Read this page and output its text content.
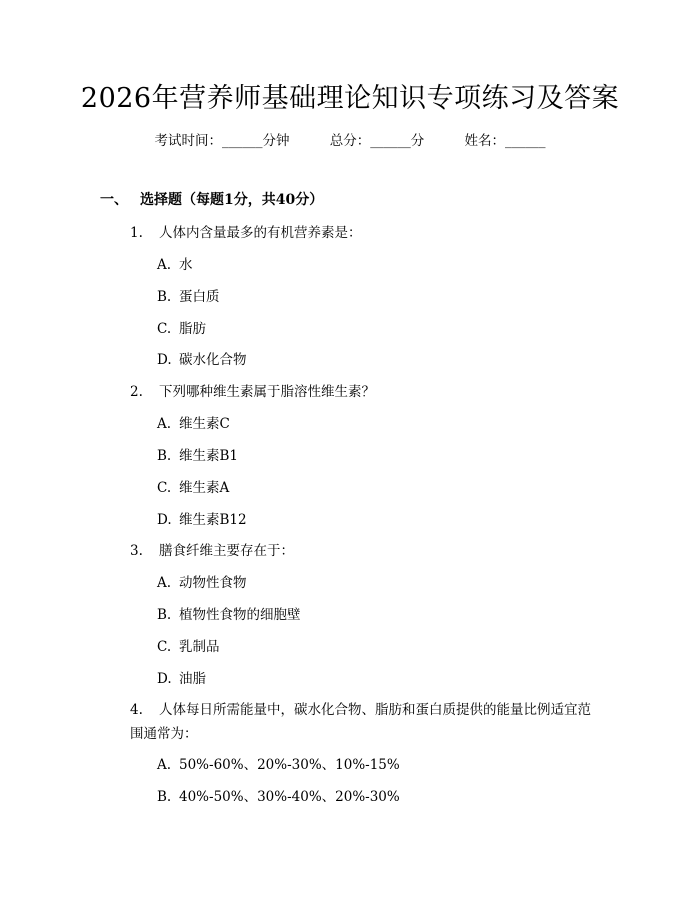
2026年营养师基础理论知识专项练习及答案
考试时间：______分钟	总分：______分	姓名：______
一、 选择题（每题1分，共40分）
1. 人体内含量最多的有机营养素是：
A. 水
B. 蛋白质
C. 脂肪
D. 碳水化合物
2. 下列哪种维生素属于脂溶性维生素？
A. 维生素C
B. 维生素B1
C. 维生素A
D. 维生素B12
3. 膳食纤维主要存在于：
A. 动物性食物
B. 植物性食物的细胞壁
C. 乳制品
D. 油脂
4. 人体每日所需能量中，碳水化合物、脂肪和蛋白质提供的能量比例适宜范
围通常为：
A. 50%-60%、20%-30%、10%-15%
B. 40%-50%、30%-40%、20%-30%
